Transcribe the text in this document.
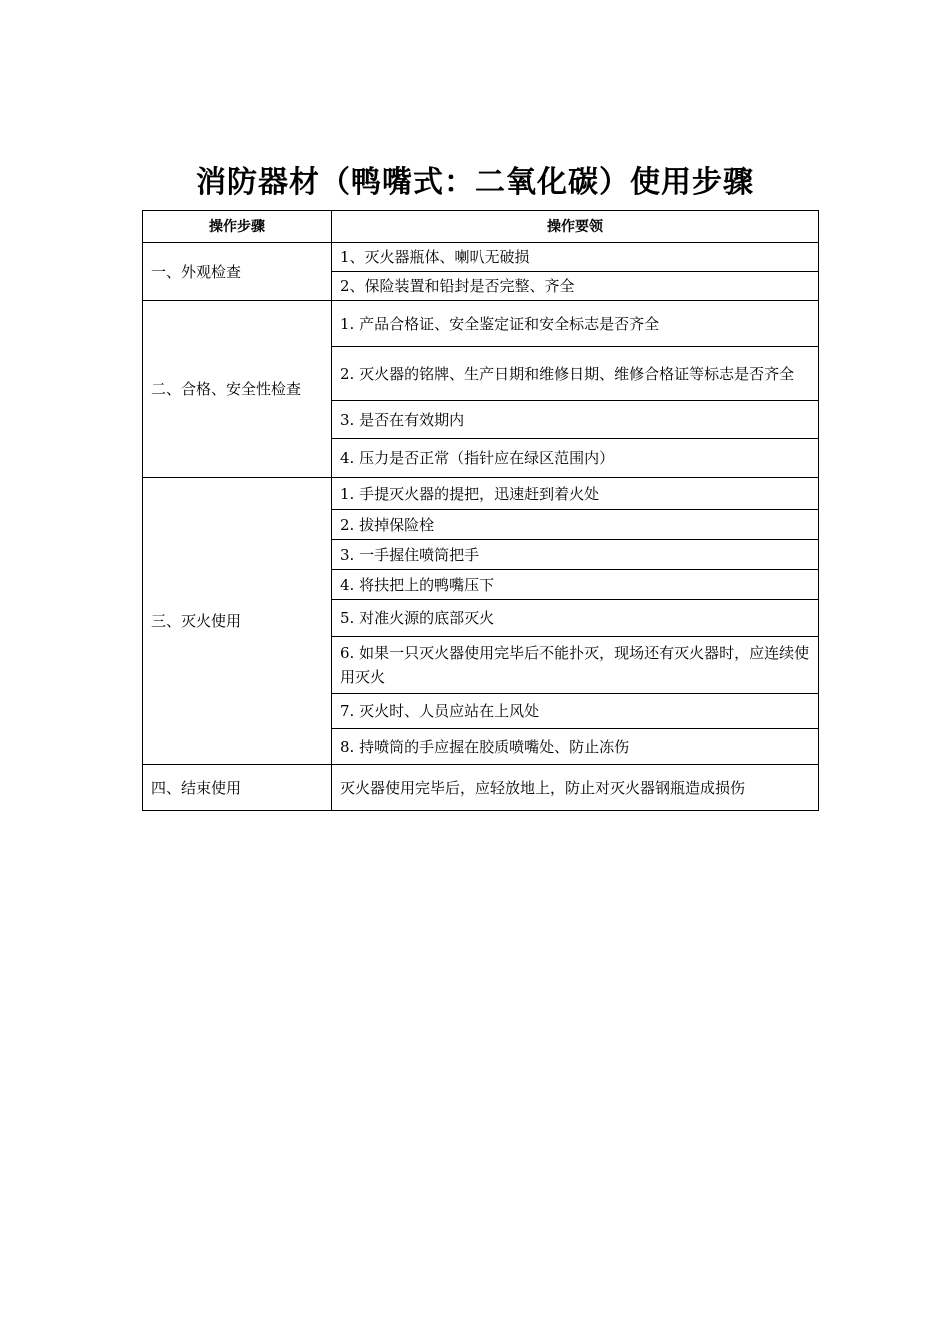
消防器材（鸭嘴式：二氧化碳）使用步骤
操作步骤	操作要领
一、外观检查	1、灭火器瓶体、喇叭无破损
	2、保险装置和铅封是否完整、齐全
二、合格、安全性检查	1. 产品合格证、安全鉴定证和安全标志是否齐全
	2. 灭火器的铭牌、生产日期和维修日期、维修合格证等标志是否齐全
	3. 是否在有效期内
	4. 压力是否正常（指针应在绿区范围内）
三、灭火使用	1. 手提灭火器的提把，迅速赶到着火处
	2. 拔掉保险栓
	3. 一手握住喷筒把手
	4. 将扶把上的鸭嘴压下
	5. 对准火源的底部灭火
	6. 如果一只灭火器使用完毕后不能扑灭，现场还有灭火器时，应连续使用灭火
	7. 灭火时、人员应站在上风处
	8. 持喷筒的手应握在胶质喷嘴处、防止冻伤
四、结束使用	灭火器使用完毕后，应轻放地上，防止对灭火器钢瓶造成损伤
